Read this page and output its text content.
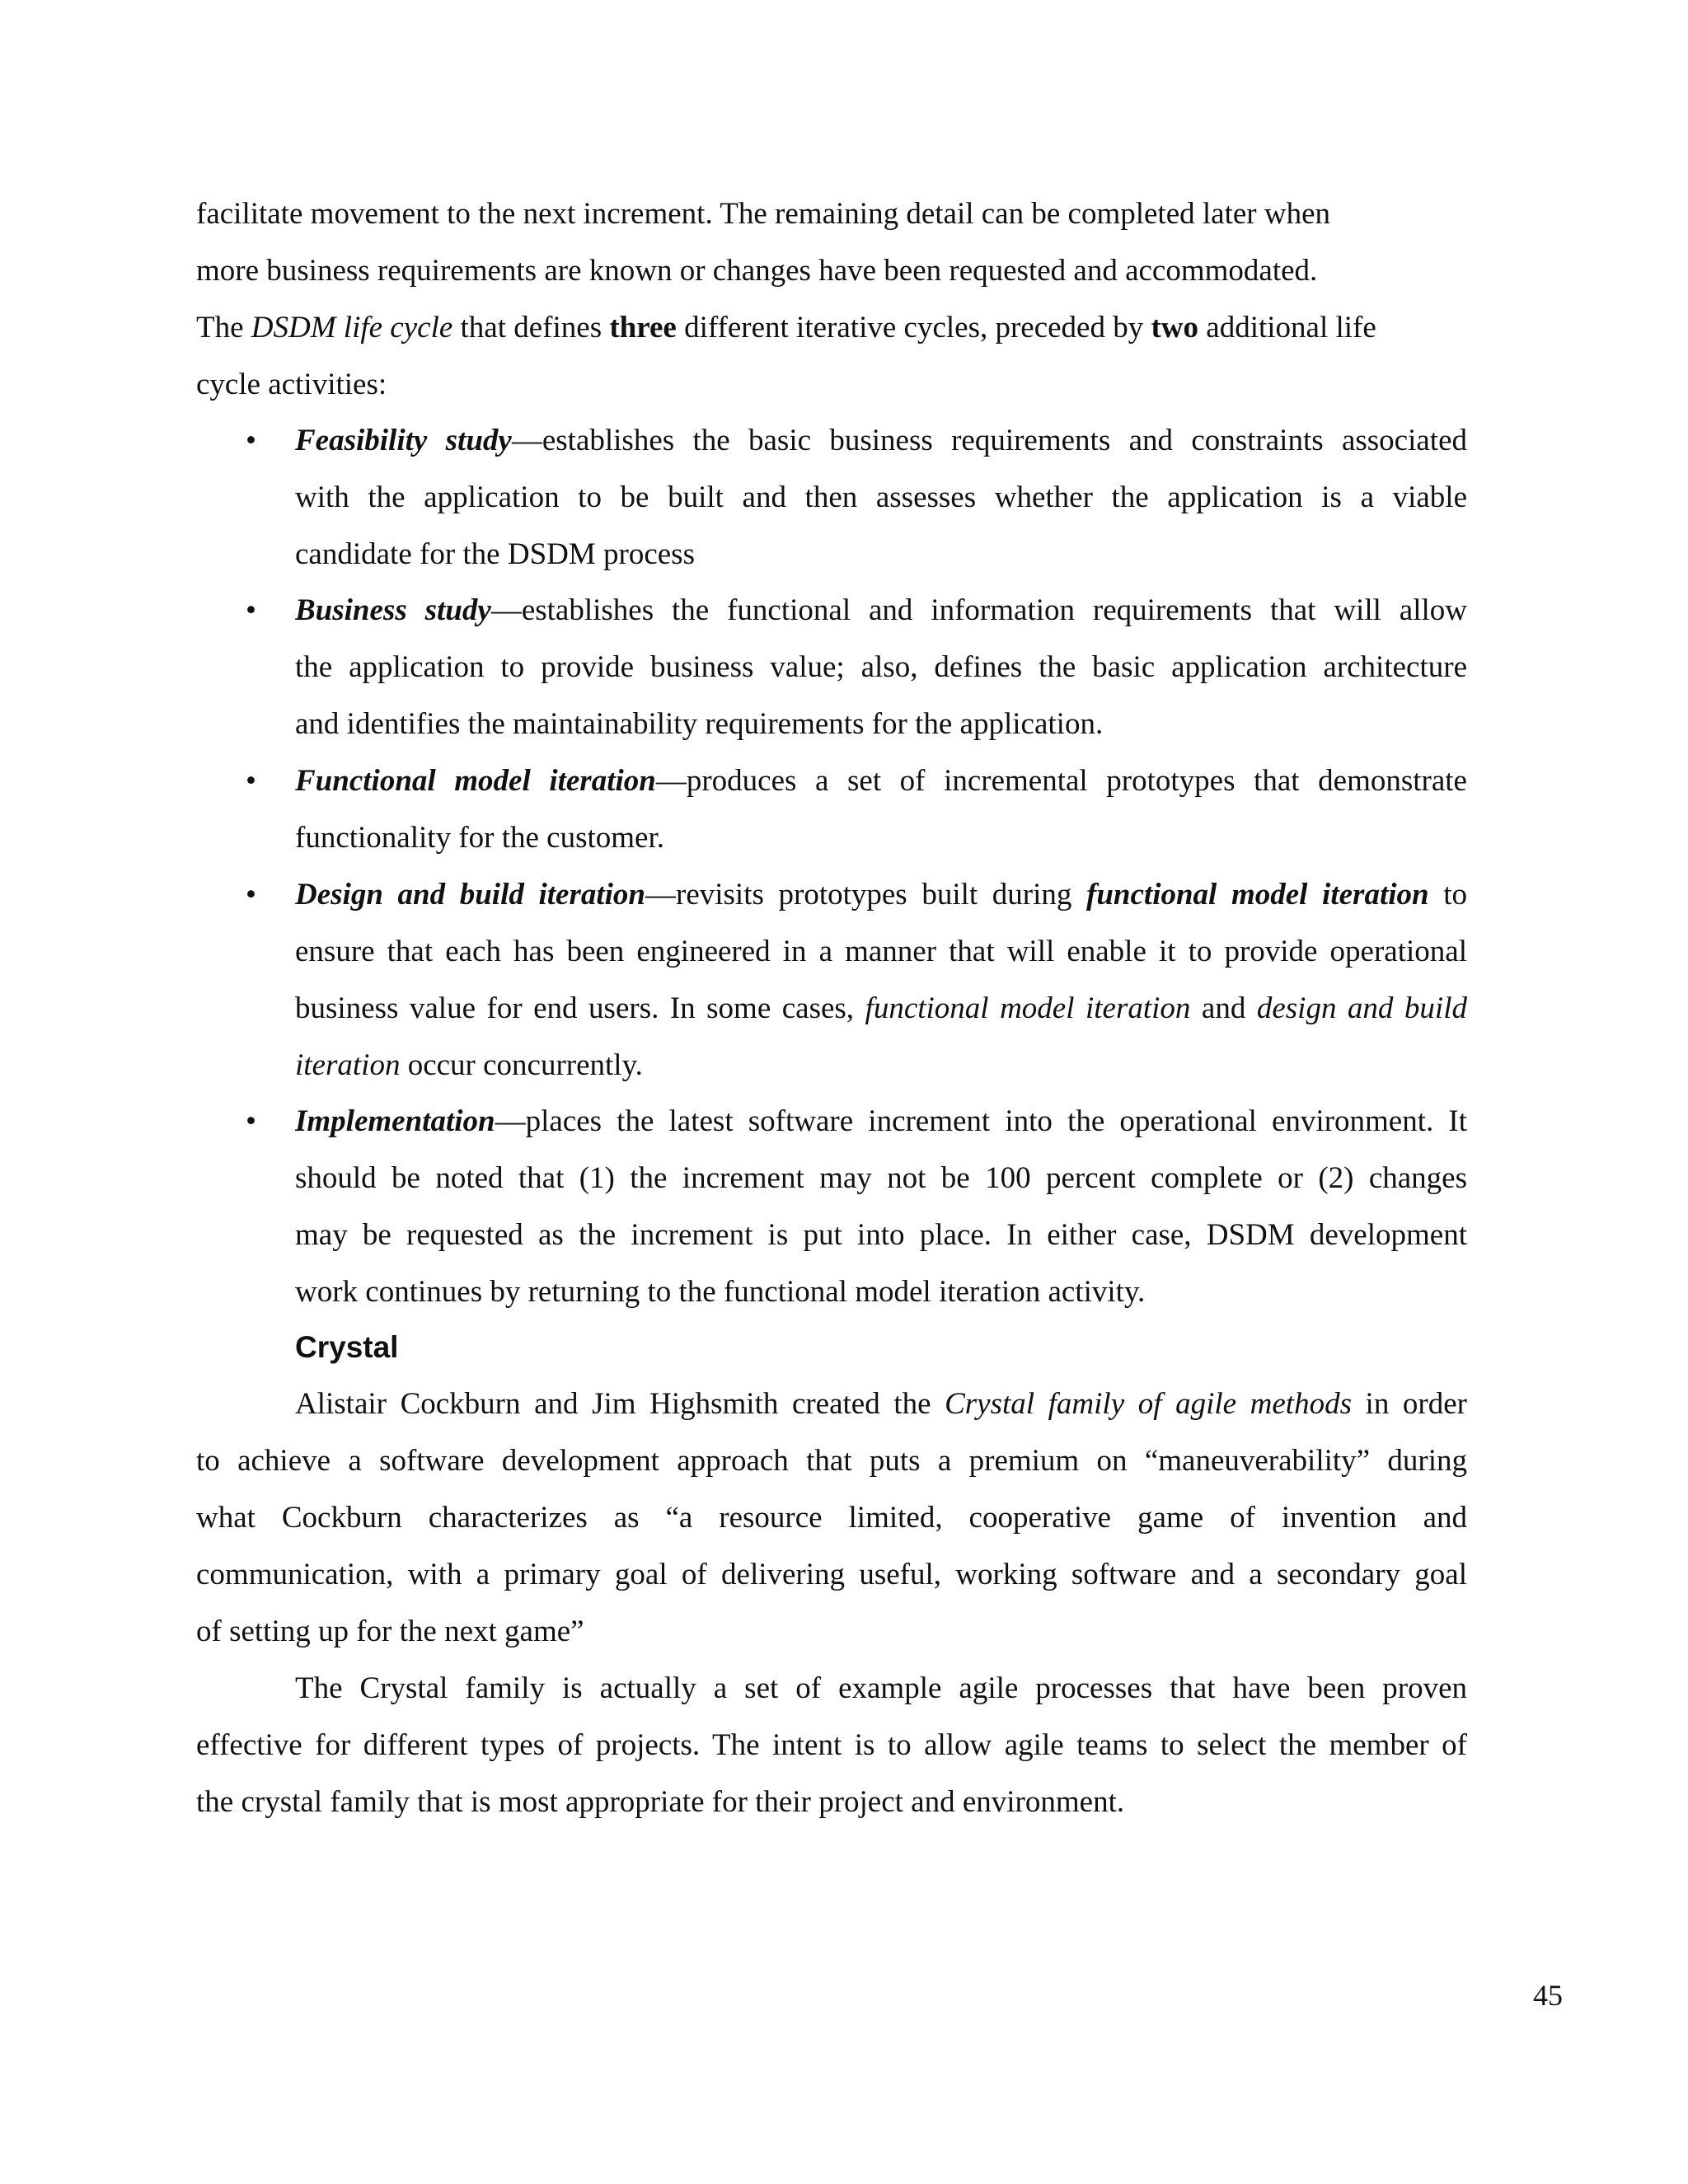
facilitate movement to the next increment. The remaining detail can be completed later when
more business requirements are known or changes have been requested and accommodated.
The DSDM life cycle that defines three different iterative cycles, preceded by two additional life
cycle activities:
• Feasibility study—establishes the basic business requirements and constraints associated
with the application to be built and then assesses whether the application is a viable
candidate for the DSDM process
• Business study—establishes the functional and information requirements that will allow
the application to provide business value; also, defines the basic application architecture
and identifies the maintainability requirements for the application.
• Functional model iteration—produces a set of incremental prototypes that demonstrate
functionality for the customer.
• Design and build iteration—revisits prototypes built during functional model iteration to
ensure that each has been engineered in a manner that will enable it to provide operational
business value for end users. In some cases, functional model iteration and design and build
iteration occur concurrently.
• Implementation—places the latest software increment into the operational environment. It
should be noted that (1) the increment may not be 100 percent complete or (2) changes
may be requested as the increment is put into place. In either case, DSDM development
work continues by returning to the functional model iteration activity.
Crystal
Alistair Cockburn and Jim Highsmith created the Crystal family of agile methods in order
to achieve a software development approach that puts a premium on “maneuverability” during
what Cockburn characterizes as “a resource limited, cooperative game of invention and
communication, with a primary goal of delivering useful, working software and a secondary goal
of setting up for the next game”
The Crystal family is actually a set of example agile processes that have been proven
effective for different types of projects. The intent is to allow agile teams to select the member of
the crystal family that is most appropriate for their project and environment.
45
